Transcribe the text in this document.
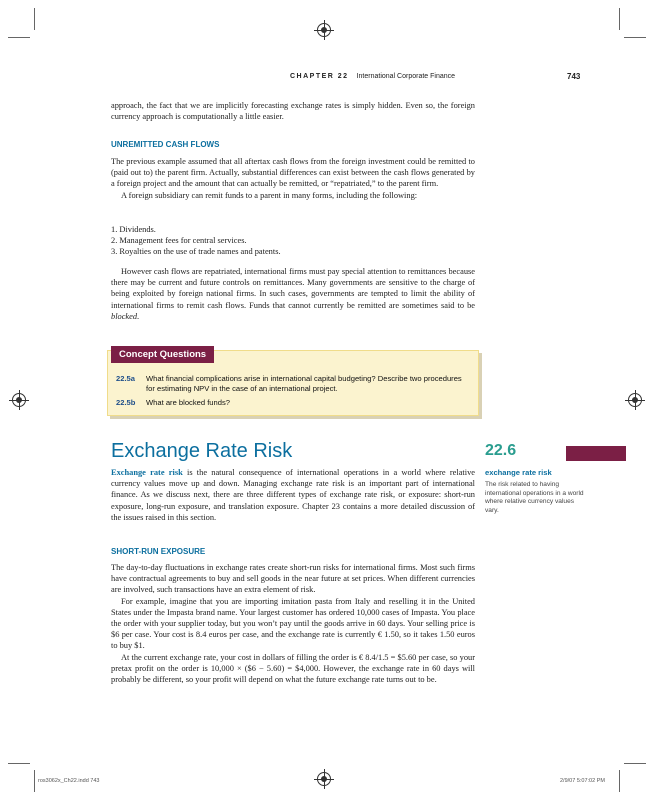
CHAPTER 22 International Corporate Finance	743
approach, the fact that we are implicitly forecasting exchange rates is simply hidden. Even so, the foreign currency approach is computationally a little easier.
UNREMITTED CASH FLOWS

The previous example assumed that all aftertax cash flows from the foreign investment could be remitted to (paid out to) the parent firm. Actually, substantial differences can exist between the cash flows generated by a foreign project and the amount that can actually be remitted, or “repatriated,” to the parent firm.

A foreign subsidiary can remit funds to a parent in many forms, including the following:

1. Dividends.
2. Management fees for central services.
3. Royalties on the use of trade names and patents.

However cash flows are repatriated, international firms must pay special attention to remittances because there may be current and future controls on remittances. Many governments are sensitive to the charge of being exploited by foreign national firms. In such cases, governments are tempted to limit the ability of international firms to remit cash flows. Funds that cannot currently be remitted are sometimes said to be blocked.

Concept Questions
22.5a What financial complications arise in international capital budgeting? Describe two procedures for estimating NPV in the case of an international project.
22.5b What are blocked funds?
Exchange Rate Risk	22.6

Exchange rate risk is the natural consequence of international operations in a world where relative currency values move up and down. Managing exchange rate risk is an important part of international finance. As we discuss next, there are three different types of exchange rate risk, or exposure: short-run exposure, long-run exposure, and translation exposure. Chapter 23 contains a more detailed discussion of the issues raised in this section.

exchange rate risk
The risk related to having international operations in a world where relative currency values vary.
SHORT-RUN EXPOSURE

The day-to-day fluctuations in exchange rates create short-run risks for international firms. Most such firms have contractual agreements to buy and sell goods in the near future at set prices. When different currencies are involved, such transactions have an extra element of risk.

For example, imagine that you are importing imitation pasta from Italy and reselling it in the United States under the Impasta brand name. Your largest customer has ordered 10,000 cases of Impasta. You place the order with your supplier today, but you won’t pay until the goods arrive in 60 days. Your selling price is $6 per case. Your cost is 8.4 euros per case, and the exchange rate is currently € 1.50, so it takes 1.50 euros to buy $1.

At the current exchange rate, your cost in dollars of filling the order is € 8.4/1.5 = $5.60 per case, so your pretax profit on the order is 10,000 × ($6 − 5.60) = $4,000. However, the exchange rate in 60 days will probably be different, so your profit will depend on what the future exchange rate turns out to be.

ros3062x_Ch22.indd 743	2/9/07 5:07:02 PM
